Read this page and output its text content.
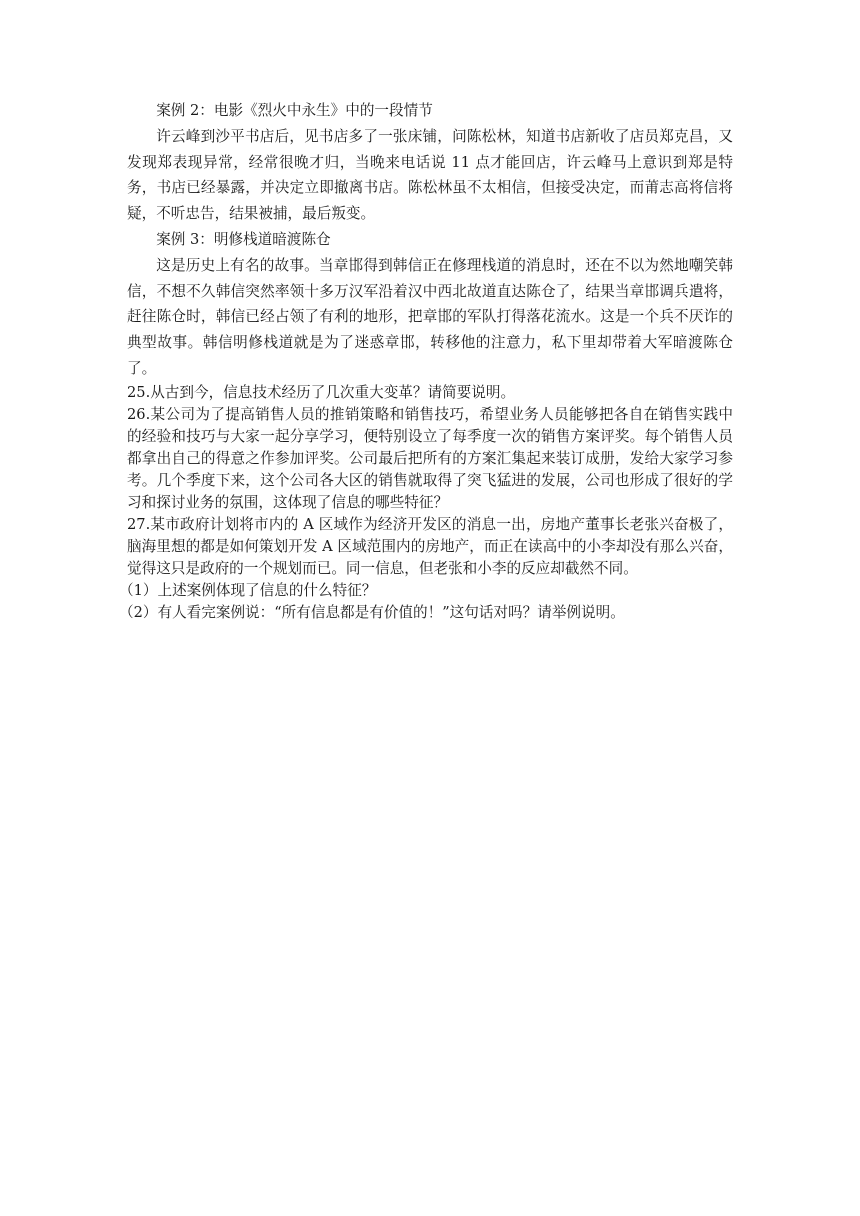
案例 2：电影《烈火中永生》中的一段情节

许云峰到沙平书店后，见书店多了一张床铺，问陈松林，知道书店新收了店员郑克昌，又发现郑表现异常，经常很晚才归，当晚来电话说 11 点才能回店，许云峰马上意识到郑是特务，书店已经暴露，并决定立即撤离书店。陈松林虽不太相信，但接受决定，而莆志高将信将疑，不听忠告，结果被捕，最后叛变。

案例 3：明修栈道暗渡陈仓

这是历史上有名的故事。当章邯得到韩信正在修理栈道的消息时，还在不以为然地嘲笑韩信，不想不久韩信突然率领十多万汉军沿着汉中西北故道直达陈仓了，结果当章邯调兵遣将，赶往陈仓时，韩信已经占领了有利的地形，把章邯的军队打得落花流水。这是一个兵不厌诈的典型故事。韩信明修栈道就是为了迷惑章邯，转移他的注意力，私下里却带着大军暗渡陈仓了。

25.从古到今，信息技术经历了几次重大变革？请简要说明。

26.某公司为了提高销售人员的推销策略和销售技巧，希望业务人员能够把各自在销售实践中的经验和技巧与大家一起分享学习，便特别设立了每季度一次的销售方案评奖。每个销售人员都拿出自己的得意之作参加评奖。公司最后把所有的方案汇集起来装订成册，发给大家学习参考。几个季度下来，这个公司各大区的销售就取得了突飞猛进的发展，公司也形成了很好的学习和探讨业务的氛围，这体现了信息的哪些特征？

27.某市政府计划将市内的 A 区域作为经济开发区的消息一出，房地产董事长老张兴奋极了，脑海里想的都是如何策划开发 A 区域范围内的房地产，而正在读高中的小李却没有那么兴奋，觉得这只是政府的一个规划而已。同一信息，但老张和小李的反应却截然不同。

（1）上述案例体现了信息的什么特征？

（2）有人看完案例说：“所有信息都是有价值的！”这句话对吗？请举例说明。
